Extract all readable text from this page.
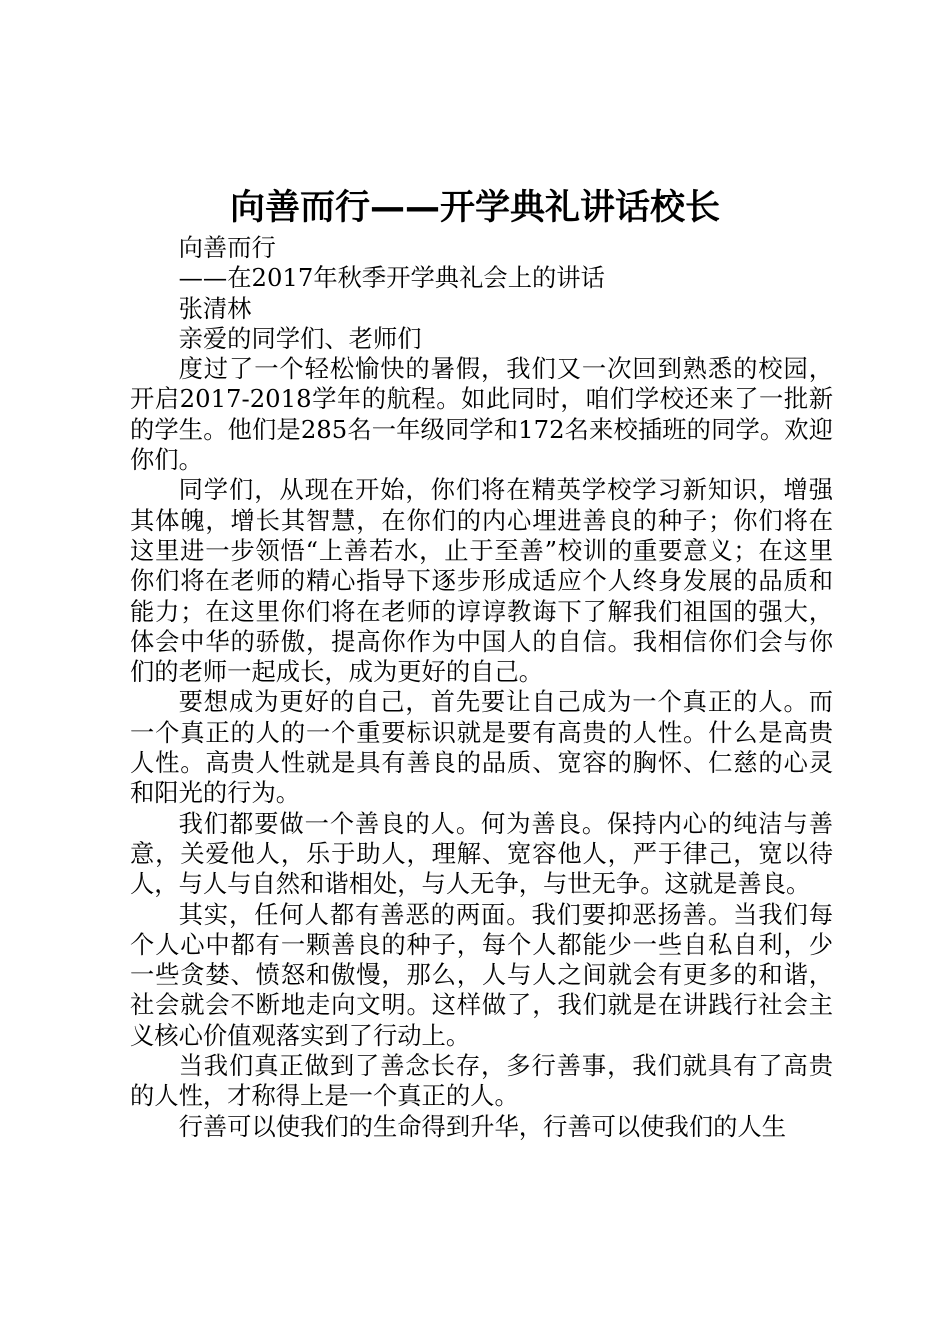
向善而行——开学典礼讲话校长

向善而行

——在2017年秋季开学典礼会上的讲话

张清林

亲爱的同学们、老师们

度过了一个轻松愉快的暑假，我们又一次回到熟悉的校园，开启2017-2018学年的航程。如此同时，咱们学校还来了一批新的学生。他们是285名一年级同学和172名来校插班的同学。欢迎你们。

同学们，从现在开始，你们将在精英学校学习新知识，增强其体魄，增长其智慧，在你们的内心埋进善良的种子；你们将在这里进一步领悟“上善若水，止于至善”校训的重要意义；在这里你们将在老师的精心指导下逐步形成适应个人终身发展的品质和能力；在这里你们将在老师的谆谆教诲下了解我们祖国的强大，体会中华的骄傲，提高你作为中国人的自信。我相信你们会与你们的老师一起成长，成为更好的自己。

要想成为更好的自己，首先要让自己成为一个真正的人。而一个真正的人的一个重要标识就是要有高贵的人性。什么是高贵人性。高贵人性就是具有善良的品质、宽容的胸怀、仁慈的心灵和阳光的行为。

我们都要做一个善良的人。何为善良。保持内心的纯洁与善意，关爱他人，乐于助人，理解、宽容他人，严于律己，宽以待人，与人与自然和谐相处，与人无争，与世无争。这就是善良。

其实，任何人都有善恶的两面。我们要抑恶扬善。当我们每个人心中都有一颗善良的种子，每个人都能少一些自私自利，少一些贪婪、愤怒和傲慢，那么，人与人之间就会有更多的和谐，社会就会不断地走向文明。这样做了，我们就是在讲践行社会主义核心价值观落实到了行动上。

当我们真正做到了善念长存，多行善事，我们就具有了高贵的人性，才称得上是一个真正的人。

行善可以使我们的生命得到升华，行善可以使我们的人生
